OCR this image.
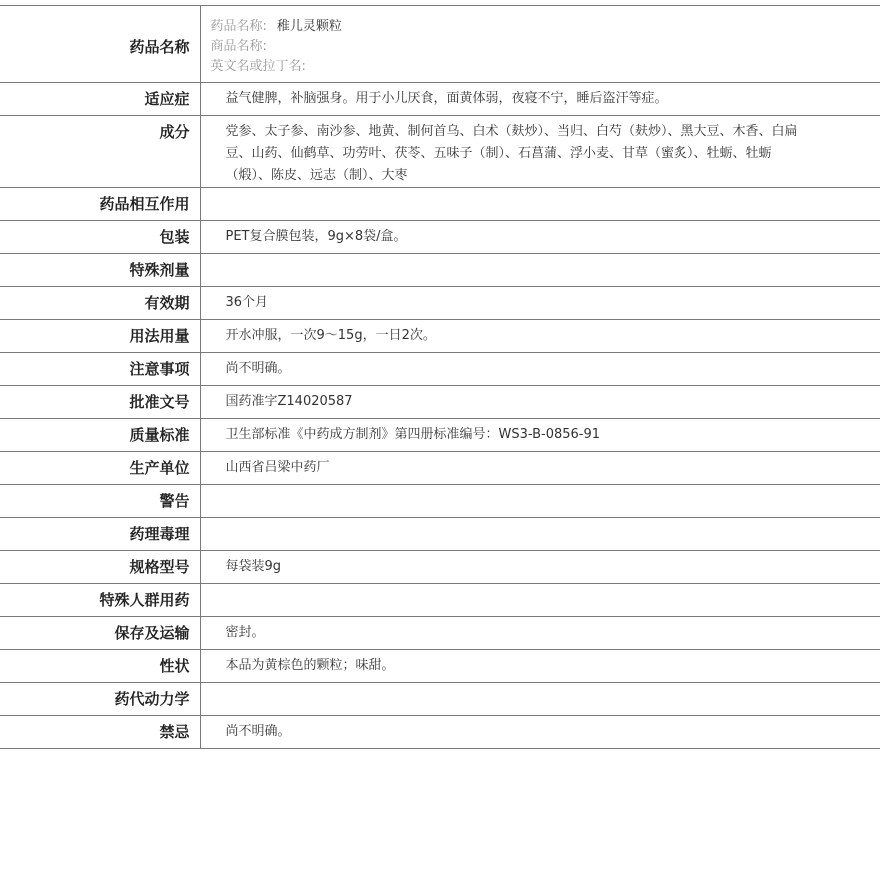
药品名称	药品名称: 稚儿灵颗粒
商品名称:
英文名或拉丁名:

适应症	益气健脾，补脑强身。用于小儿厌食，面黄体弱，夜寝不宁，睡后盗汗等症。
成分	党参、太子参、南沙参、地黄、制何首乌、白术（麸炒）、当归、白芍（麸炒）、黑大豆、木香、白扁豆、山药、仙鹤草、功劳叶、茯苓、五味子（制）、石菖蒲、浮小麦、甘草（蜜炙）、牡蛎、牡蛎（煅）、陈皮、远志（制）、大枣
药品相互作用	
包装	PET复合膜包装，9g×8袋/盒。
特殊剂量	
有效期	36个月
用法用量	开水冲服，一次9～15g，一日2次。
注意事项	尚不明确。
批准文号	国药准字Z14020587
质量标准	卫生部标准《中药成方制剂》第四册标准编号：WS3-B-0856-91
生产单位	山西省吕梁中药厂
警告	
药理毒理	
规格型号	每袋装9g
特殊人群用药	
保存及运输	密封。
性状	本品为黄棕色的颗粒；味甜。
药代动力学	
禁忌	尚不明确。
